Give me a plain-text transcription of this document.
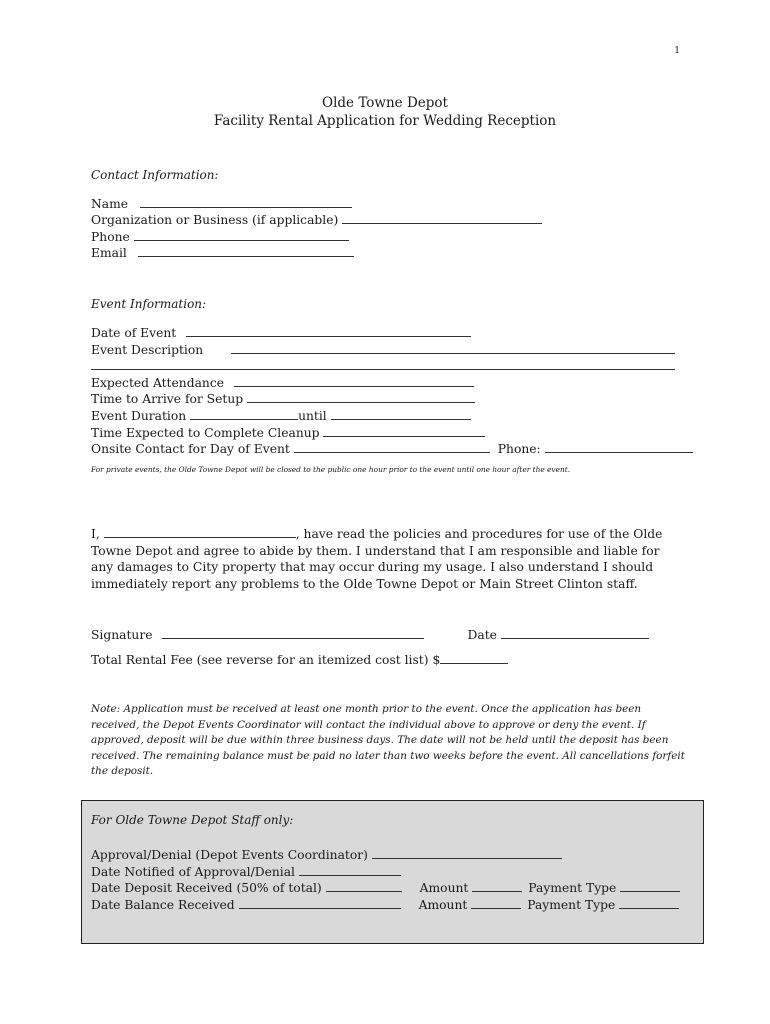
1
Olde Towne Depot
Facility Rental Application for Wedding Reception
Contact Information:
Name
Organization or Business (if applicable)
Phone
Email
Event Information:
Date of Event
Event Description
Expected Attendance
Time to Arrive for Setup
Event Duration	until
Time Expected to Complete Cleanup
Onsite Contact for Day of Event	Phone:
For private events, the Olde Towne Depot will be closed to the public one hour prior to the event until one hour after the event.
I,	, have read the policies and procedures for use of the Olde Towne Depot and agree to abide by them. I understand that I am responsible and liable for any damages to City property that may occur during my usage. I also understand I should immediately report any problems to the Olde Towne Depot or Main Street Clinton staff.
Signature	Date
Total Rental Fee (see reverse for an itemized cost list) $
Note: Application must be received at least one month prior to the event. Once the application has been received, the Depot Events Coordinator will contact the individual above to approve or deny the event. If approved, deposit will be due within three business days. The date will not be held until the deposit has been received. The remaining balance must be paid no later than two weeks before the event. All cancellations forfeit the deposit.
For Olde Towne Depot Staff only:
Approval/Denial (Depot Events Coordinator)
Date Notified of Approval/Denial
Date Deposit Received (50% of total)	Amount	Payment Type
Date Balance Received	Amount	Payment Type
